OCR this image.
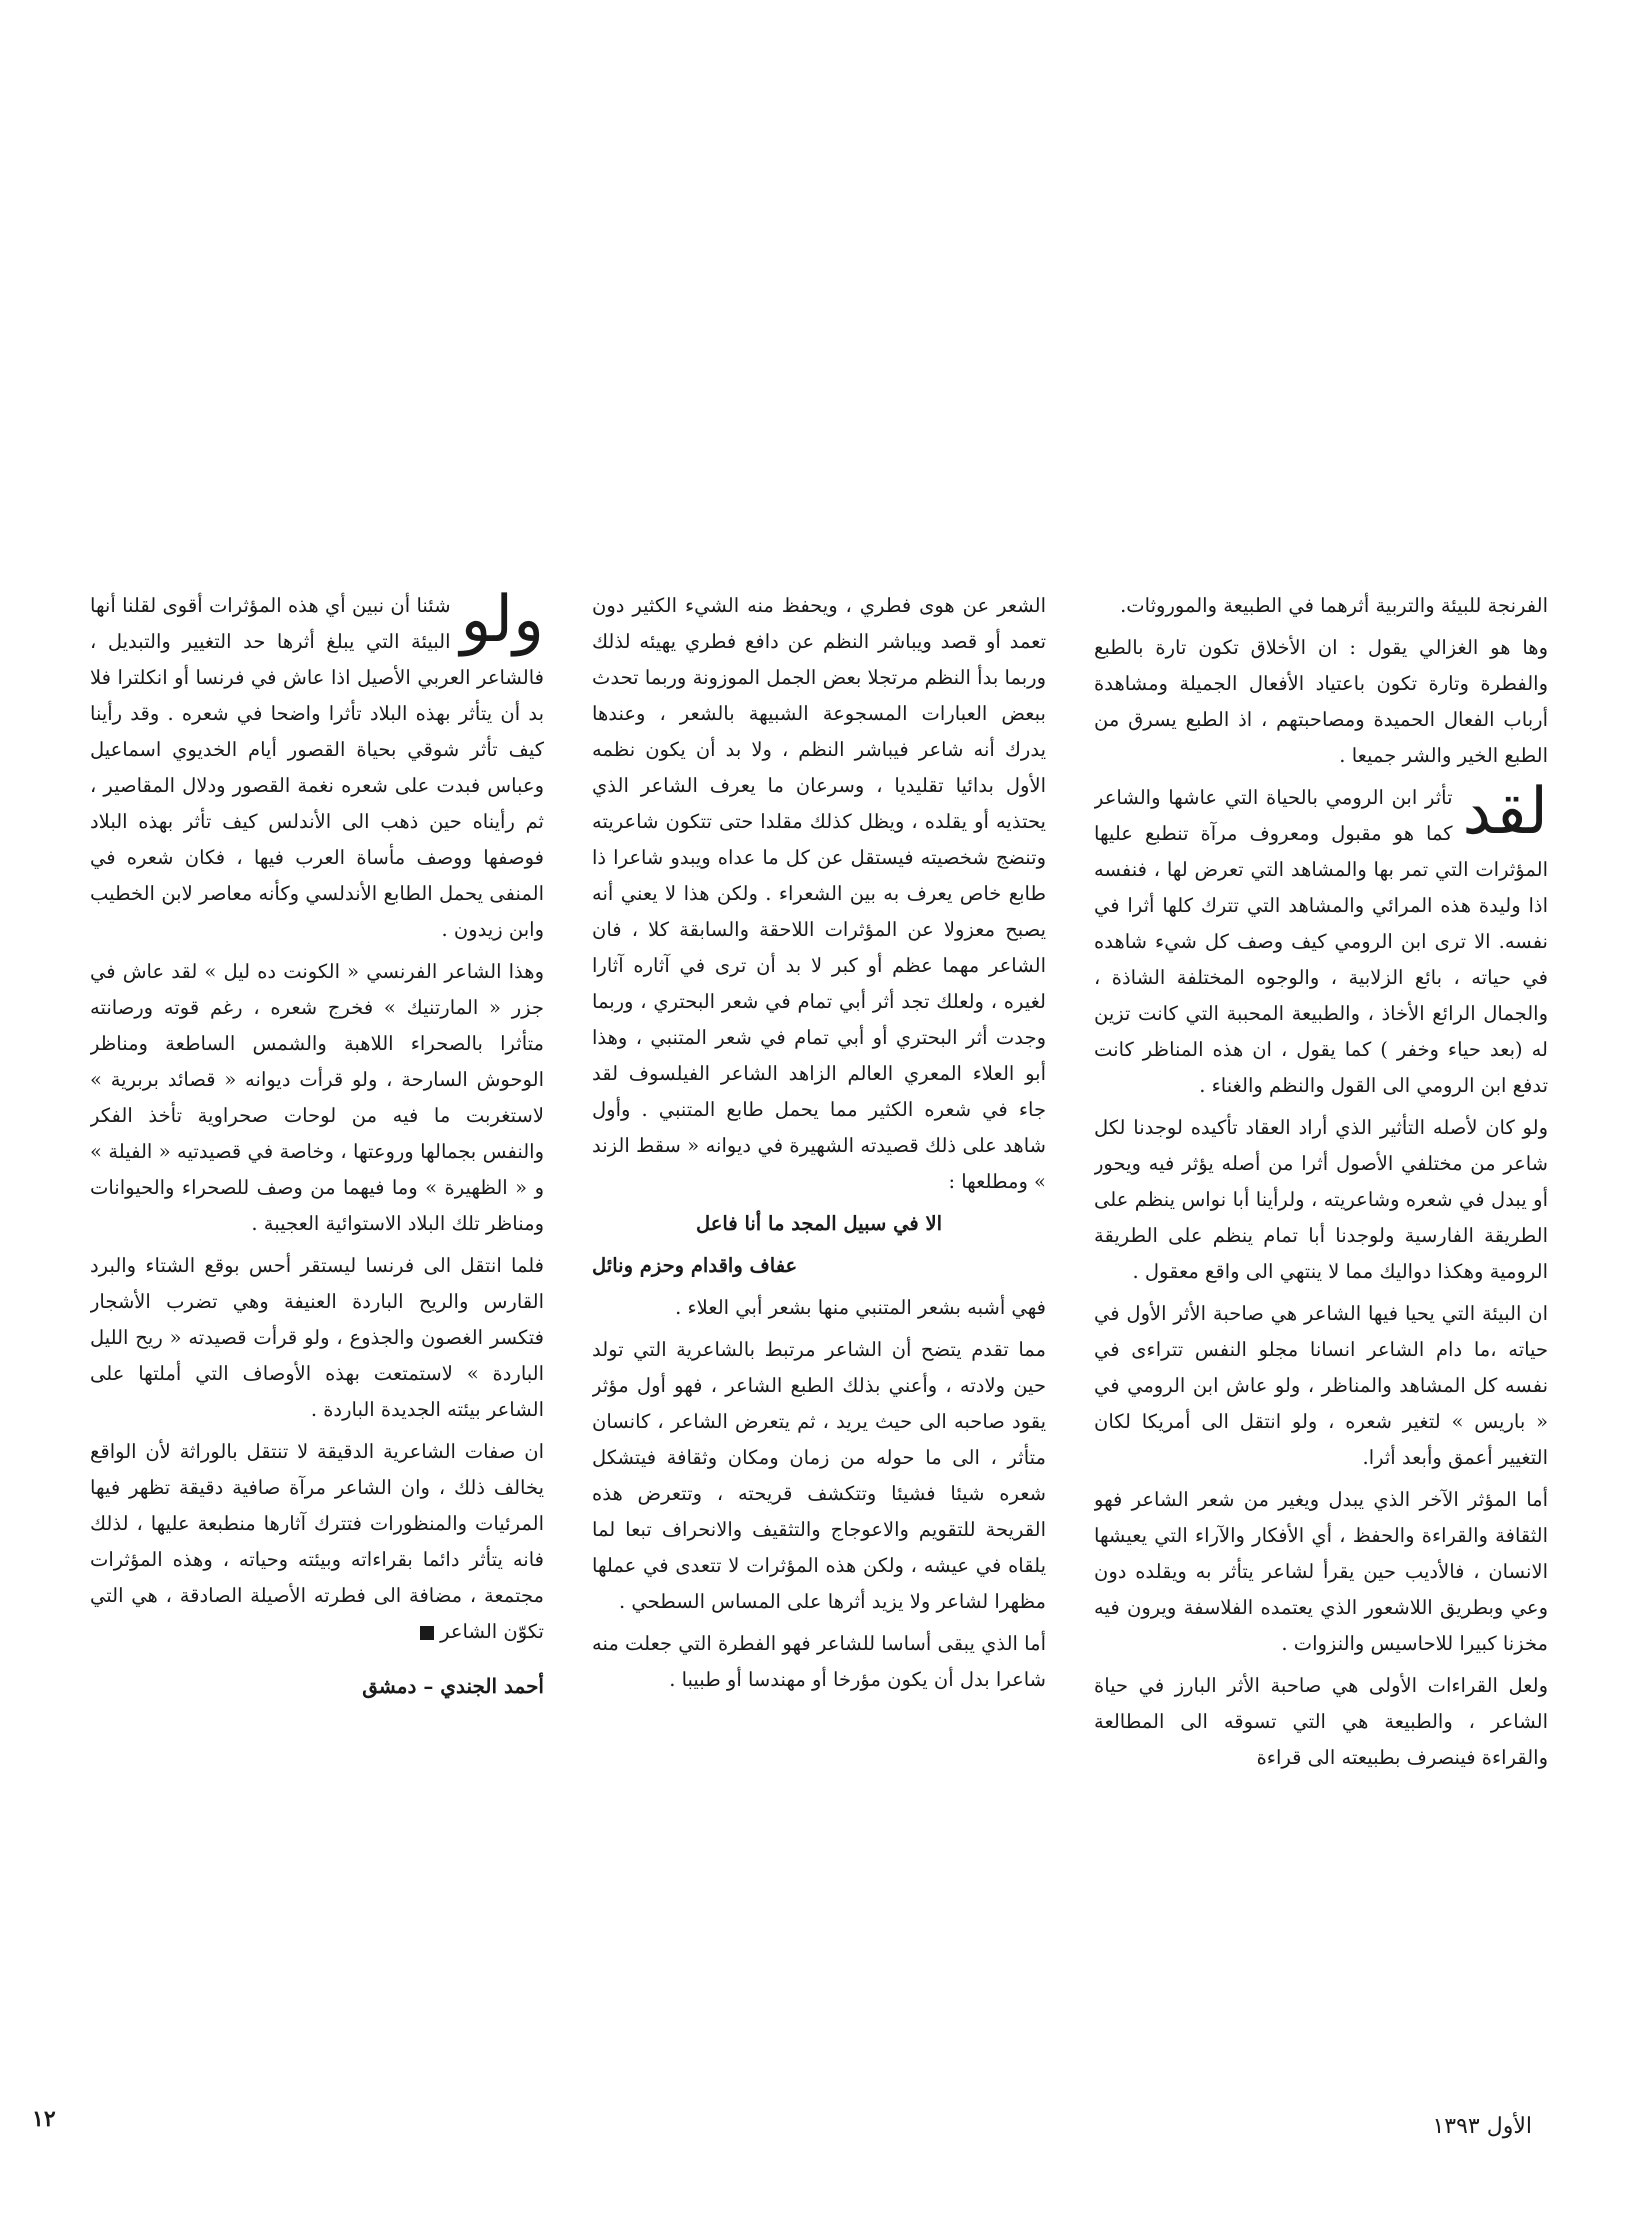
الفرنجة للبيئة والتربية أثرهما في الطبيعة والموروثات.

وها هو الغزالي يقول : ان الأخلاق تكون تارة بالطبع والفطرة وتارة تكون باعتياد الأفعال الجميلة ومشاهدة أرباب الفعال الحميدة ومصاحبتهم ، اذ الطبع يسرق من الطبع الخير والشر جميعا .

لقد
تأثر ابن الرومي بالحياة التي عاشها والشاعر كما هو مقبول ومعروف مرآة تنطبع عليها المؤثرات التي تمر بها والمشاهد التي تعرض لها ، فنفسه اذا وليدة هذه المرائي والمشاهد التي تترك كلها أثرا في نفسه. الا ترى ابن الرومي كيف وصف كل شيء شاهده في حياته ، بائع الزلابية ، والوجوه المختلفة الشاذة ، والجمال الرائع الأخاذ ، والطبيعة المحببة التي كانت تزين له (بعد حياء وخفر ) كما يقول ، ان هذه المناظر كانت تدفع ابن الرومي الى القول والنظم والغناء .

ولو كان لأصله التأثير الذي أراد العقاد تأكيده لوجدنا لكل شاعر من مختلفي الأصول أثرا من أصله يؤثر فيه ويحور أو يبدل في شعره وشاعريته ، ولرأينا أبا نواس ينظم على الطريقة الفارسية ولوجدنا أبا تمام ينظم على الطريقة الرومية وهكذا دواليك مما لا ينتهي الى واقع معقول .

ان البيئة التي يحيا فيها الشاعر هي صاحبة الأثر الأول في حياته ،ما دام الشاعر انسانا مجلو النفس تتراءى في نفسه كل المشاهد والمناظر ، ولو عاش ابن الرومي في « باريس » لتغير شعره ، ولو انتقل الى أمريكا لكان التغيير أعمق وأبعد أثرا.

أما المؤثر الآخر الذي يبدل ويغير من شعر الشاعر فهو الثقافة والقراءة والحفظ ، أي الأفكار والآراء التي يعيشها الانسان ، فالأديب حين يقرأ لشاعر يتأثر به ويقلده دون وعي وبطريق اللاشعور الذي يعتمده الفلاسفة ويرون فيه مخزنا كبيرا للاحاسيس والنزوات .

ولعل القراءات الأولى هي صاحبة الأثر البارز في حياة الشاعر ، والطبيعة هي التي تسوقه الى المطالعة والقراءة فينصرف بطبيعته الى قراءة

الشعر عن هوى فطري ، ويحفظ منه الشيء الكثير دون تعمد أو قصد ويباشر النظم عن دافع فطري يهيئه لذلك وربما بدأ النظم مرتجلا بعض الجمل الموزونة وربما تحدث ببعض العبارات المسجوعة الشبيهة بالشعر ، وعندها يدرك أنه شاعر فيباشر النظم ، ولا بد أن يكون نظمه الأول بدائيا تقليديا ، وسرعان ما يعرف الشاعر الذي يحتذيه أو يقلده ، ويظل كذلك مقلدا حتى تتكون شاعريته وتنضج شخصيته فيستقل عن كل ما عداه ويبدو شاعرا ذا طابع خاص يعرف به بين الشعراء . ولكن هذا لا يعني أنه يصبح معزولا عن المؤثرات اللاحقة والسابقة كلا ، فان الشاعر مهما عظم أو كبر لا بد أن ترى في آثاره آثارا لغيره ، ولعلك تجد أثر أبي تمام في شعر البحتري ، وربما وجدت أثر البحتري أو أبي تمام في شعر المتنبي ، وهذا أبو العلاء المعري العالم الزاهد الشاعر الفيلسوف لقد جاء في شعره الكثير مما يحمل طابع المتنبي . وأول شاهد على ذلك قصيدته الشهيرة في ديوانه « سقط الزند » ومطلعها :

الا في سبيل المجد ما أنا فاعل

عفاف واقدام وحزم ونائل

فهي أشبه بشعر المتنبي منها بشعر أبي العلاء .

مما تقدم يتضح أن الشاعر مرتبط بالشاعرية التي تولد حين ولادته ، وأعني بذلك الطبع الشاعر ، فهو أول مؤثر يقود صاحبه الى حيث يريد ، ثم يتعرض الشاعر ، كانسان متأثر ، الى ما حوله من زمان ومكان وثقافة فيتشكل شعره شيئا فشيئا وتتكشف قريحته ، وتتعرض هذه القريحة للتقويم والاعوجاج والتثقيف والانحراف تبعا لما يلقاه في عيشه ، ولكن هذه المؤثرات لا تتعدى في عملها مظهرا لشاعر ولا يزيد أثرها على المساس السطحي .

أما الذي يبقى أساسا للشاعر فهو الفطرة التي جعلت منه شاعرا بدل أن يكون مؤرخا أو مهندسا أو طبيبا .

ولو
شئنا أن نبين أي هذه المؤثرات أقوى لقلنا أنها البيئة التي يبلغ أثرها حد التغيير والتبديل ، فالشاعر العربي الأصيل اذا عاش في فرنسا أو انكلترا فلا بد أن يتأثر بهذه البلاد تأثرا واضحا في شعره . وقد رأينا كيف تأثر شوقي بحياة القصور أيام الخديوي اسماعيل وعباس فبدت على شعره نغمة القصور ودلال المقاصير ، ثم رأيناه حين ذهب الى الأندلس كيف تأثر بهذه البلاد فوصفها ووصف مأساة العرب فيها ، فكان شعره في المنفى يحمل الطابع الأندلسي وكأنه معاصر لابن الخطيب وابن زيدون .

وهذا الشاعر الفرنسي « الكونت ده ليل » لقد عاش في جزر « المارتنيك » فخرج شعره ، رغم قوته ورصانته متأثرا بالصحراء اللاهبة والشمس الساطعة ومناظر الوحوش السارحة ، ولو قرأت ديوانه « قصائد بربرية » لاستغربت ما فيه من لوحات صحراوية تأخذ الفكر والنفس بجمالها وروعتها ، وخاصة في قصيدتيه « الفيلة » و « الظهيرة » وما فيهما من وصف للصحراء والحيوانات ومناظر تلك البلاد الاستوائية العجيبة .

فلما انتقل الى فرنسا ليستقر أحس بوقع الشتاء والبرد القارس والريح الباردة العنيفة وهي تضرب الأشجار فتكسر الغصون والجذوع ، ولو قرأت قصيدته « ريح الليل الباردة » لاستمتعت بهذه الأوصاف التي أملتها على الشاعر بيئته الجديدة الباردة .

ان صفات الشاعرية الدقيقة لا تنتقل بالوراثة لأن الواقع يخالف ذلك ، وان الشاعر مرآة صافية دقيقة تظهر فيها المرئيات والمنظورات فتترك آثارها منطبعة عليها ، لذلك فانه يتأثر دائما بقراءاته وبيئته وحياته ، وهذه المؤثرات مجتمعة ، مضافة الى فطرته الأصيلة الصادقة ، هي التي تكوّن الشاعر

أحمد الجندي – دمشق
١٢	الأول ١٣٩٣
